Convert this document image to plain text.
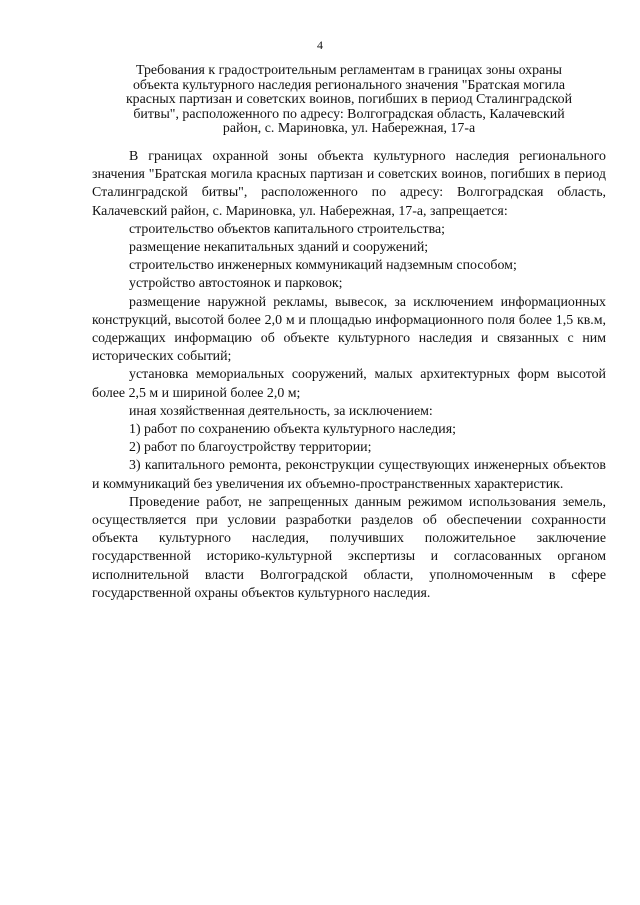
4
Требования к градостроительным регламентам в границах зоны охраны
объекта культурного наследия регионального значения "Братская могила
красных партизан и советских воинов, погибших в период Сталинградской
битвы", расположенного по адресу: Волгоградская область, Калачевский
район, с. Мариновка, ул. Набережная, 17-а

В границах охранной зоны объекта культурного наследия регионального значения "Братская могила красных партизан и советских воинов, погибших в период Сталинградской битвы", расположенного по адресу: Волгоградская область, Калачевский район, с. Мариновка, ул. Набережная, 17-а, запрещается:

строительство объектов капитального строительства;

размещение некапитальных зданий и сооружений;

строительство инженерных коммуникаций надземным способом;

устройство автостоянок и парковок;

размещение наружной рекламы, вывесок, за исключением информационных конструкций, высотой более 2,0 м и площадью информационного поля более 1,5 кв.м, содержащих информацию об объекте культурного наследия и связанных с ним исторических событий;

установка мемориальных сооружений, малых архитектурных форм высотой более 2,5 м и шириной более 2,0 м;

иная хозяйственная деятельность, за исключением:

1) работ по сохранению объекта культурного наследия;

2) работ по благоустройству территории;

3) капитального ремонта, реконструкции существующих инженерных объектов и коммуникаций без увеличения их объемно-пространственных характеристик.

Проведение работ, не запрещенных данным режимом использования земель, осуществляется при условии разработки разделов об обеспечении сохранности объекта культурного наследия, получивших положительное заключение государственной историко-культурной экспертизы и согласованных органом исполнительной власти Волгоградской области, уполномоченным в сфере государственной охраны объектов культурного наследия.
